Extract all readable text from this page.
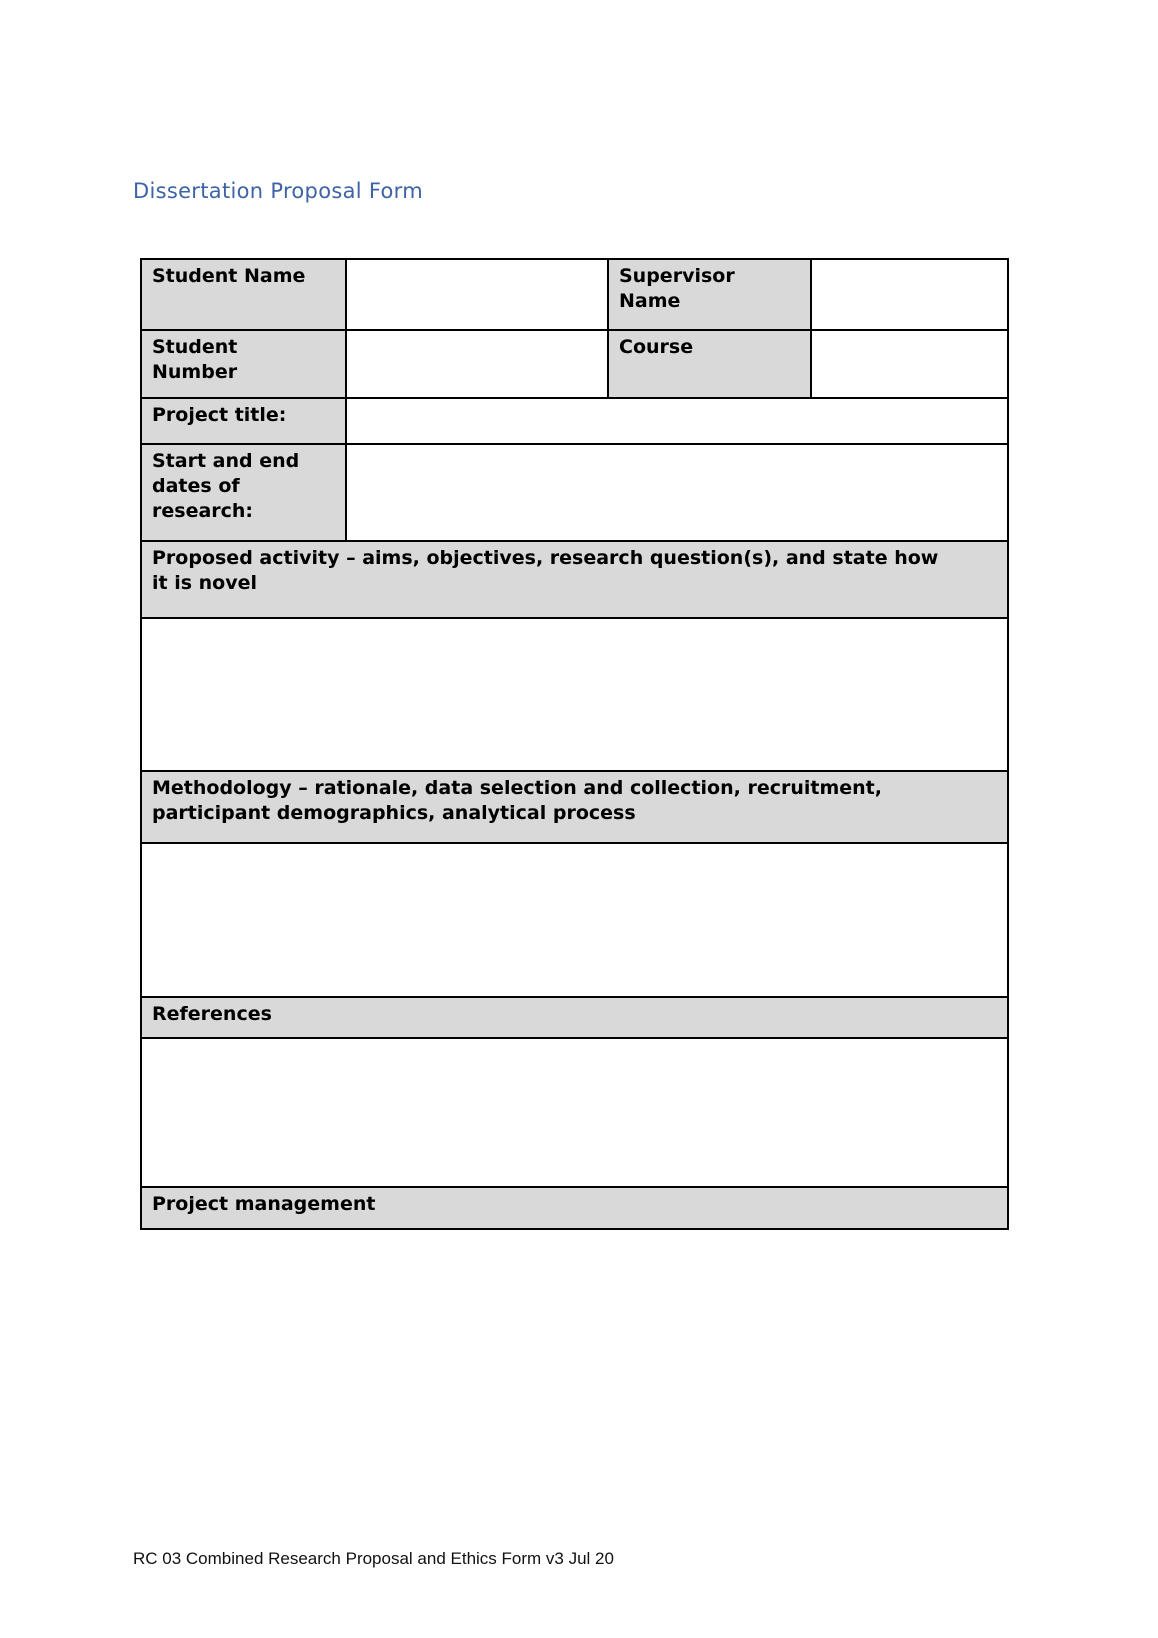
Dissertation Proposal Form
Student Name		Supervisor Name	
Student Number		Course	
Project title:			
Start and end dates of research:			
Proposed activity – aims, objectives, research question(s), and state how it is novel			

Methodology – rationale, data selection and collection, recruitment, participant demographics, analytical process			

References			

Project management			
RC 03 Combined Research Proposal and Ethics Form v3 Jul 20
